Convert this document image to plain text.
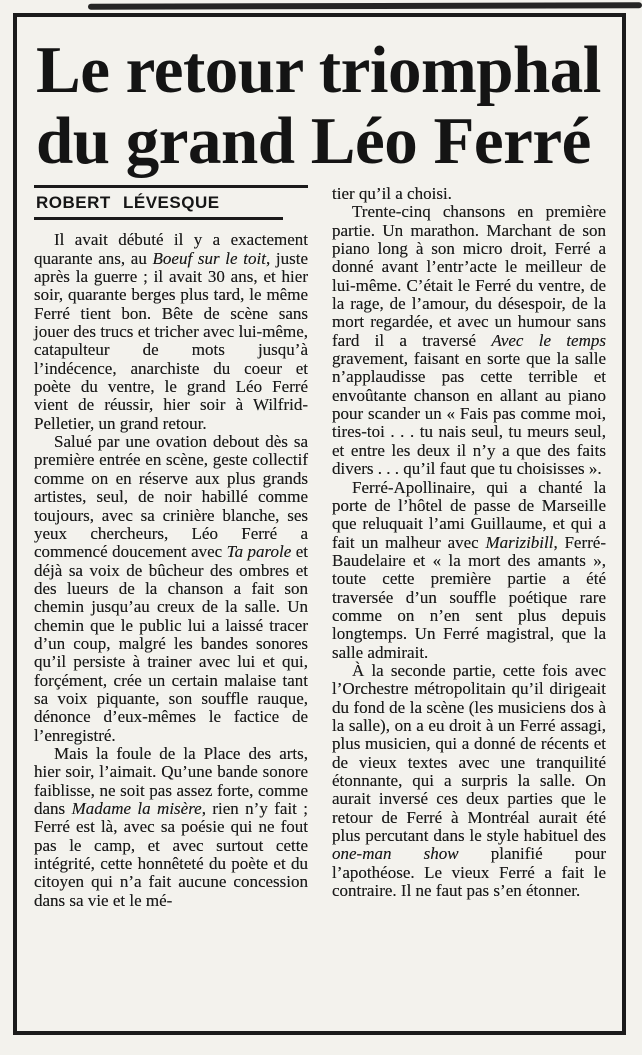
Le retour triomphal
du grand Léo Ferré
ROBERT LÉVESQUE

Il avait débuté il y a exactement quarante ans, au Boeuf sur le toit, juste après la guerre ; il avait 30 ans, et hier soir, quarante berges plus tard, le même Ferré tient bon. Bête de scène sans jouer des trucs et tricher avec lui-même, catapulteur de mots jusqu’à l’indécence, anarchiste du coeur et poète du ventre, le grand Léo Ferré vient de réussir, hier soir à Wilfrid-Pelletier, un grand retour.

Salué par une ovation debout dès sa première entrée en scène, geste collectif comme on en réserve aux plus grands artistes, seul, de noir habillé comme toujours, avec sa crinière blanche, ses yeux chercheurs, Léo Ferré a commencé doucement avec Ta parole et déjà sa voix de bûcheur des ombres et des lueurs de la chanson a fait son chemin jusqu’au creux de la salle. Un chemin que le public lui a laissé tracer d’un coup, malgré les bandes sonores qu’il persiste à trainer avec lui et qui, forçément, crée un certain malaise tant sa voix piquante, son souffle rauque, dénonce d’eux-mêmes le factice de l’enregistré.

Mais la foule de la Place des arts, hier soir, l’aimait. Qu’une bande sonore faiblisse, ne soit pas assez forte, comme dans Madame la misère, rien n’y fait ; Ferré est là, avec sa poésie qui ne fout pas le camp, et avec surtout cette intégrité, cette honnêteté du poète et du citoyen qui n’a fait aucune concession dans sa vie et le mé-

tier qu’il a choisi.

Trente-cinq chansons en première partie. Un marathon. Marchant de son piano long à son micro droit, Ferré a donné avant l’entr’acte le meilleur de lui-même. C’était le Ferré du ventre, de la rage, de l’amour, du désespoir, de la mort regardée, et avec un humour sans fard il a traversé Avec le temps gravement, faisant en sorte que la salle n’applaudisse pas cette terrible et envoûtante chanson en allant au piano pour scander un « Fais pas comme moi, tires-toi . . . tu nais seul, tu meurs seul, et entre les deux il n’y a que des faits divers . . . qu’il faut que tu choisisses ».

Ferré-Apollinaire, qui a chanté la porte de l’hôtel de passe de Marseille que reluquait l’ami Guillaume, et qui a fait un malheur avec Marizibill, Ferré-Baudelaire et « la mort des amants », toute cette première partie a été traversée d’un souffle poétique rare comme on n’en sent plus depuis longtemps. Un Ferré magistral, que la salle admirait.

À la seconde partie, cette fois avec l’Orchestre métropolitain qu’il dirigeait du fond de la scène (les musiciens dos à la salle), on a eu droit à un Ferré assagi, plus musicien, qui a donné de récents et de vieux textes avec une tranquilité étonnante, qui a surpris la salle. On aurait inversé ces deux parties que le retour de Ferré à Montréal aurait été plus percutant dans le style habituel des one-man show planifié pour l’apothéose. Le vieux Ferré a fait le contraire. Il ne faut pas s’en étonner.
